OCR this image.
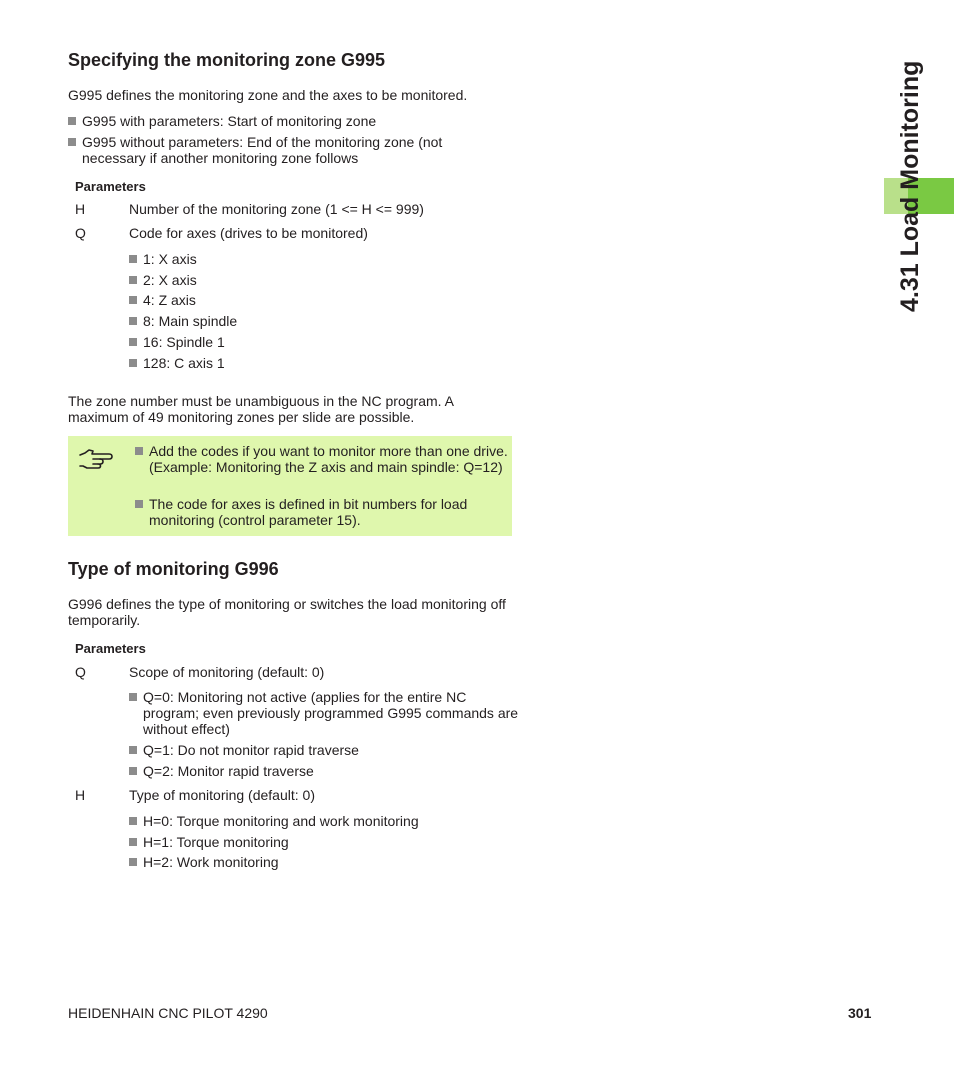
4.31 Load Monitoring
Specifying the monitoring zone G995

G995 defines the monitoring zone and the axes to be monitored.

G995 with parameters: Start of monitoring zone
G995 without parameters: End of the monitoring zone (not necessary if another monitoring zone follows
Parameters
H	Number of the monitoring zone (1 <= H <= 999)
Q	Code for axes (drives to be monitored)
1: X axis
2: X axis
4: Z axis
8: Main spindle
16: Spindle 1
128: C axis 1

The zone number must be unambiguous in the NC program. A maximum of 49 monitoring zones per slide are possible.

Add the codes if you want to monitor more than one drive. (Example: Monitoring the Z axis and main spindle: Q=12)
The code for axes is defined in bit numbers for load monitoring (control parameter 15).
Type of monitoring G996

G996 defines the type of monitoring or switches the load monitoring off temporarily.

Parameters
Q	Scope of monitoring (default: 0)
Q=0: Monitoring not active (applies for the entire NC program; even previously programmed G995 commands are without effect)
Q=1: Do not monitor rapid traverse
Q=2: Monitor rapid traverse
H	Type of monitoring (default: 0)
H=0: Torque monitoring and work monitoring
H=1: Torque monitoring
H=2: Work monitoring
HEIDENHAIN CNC PILOT 4290	301
